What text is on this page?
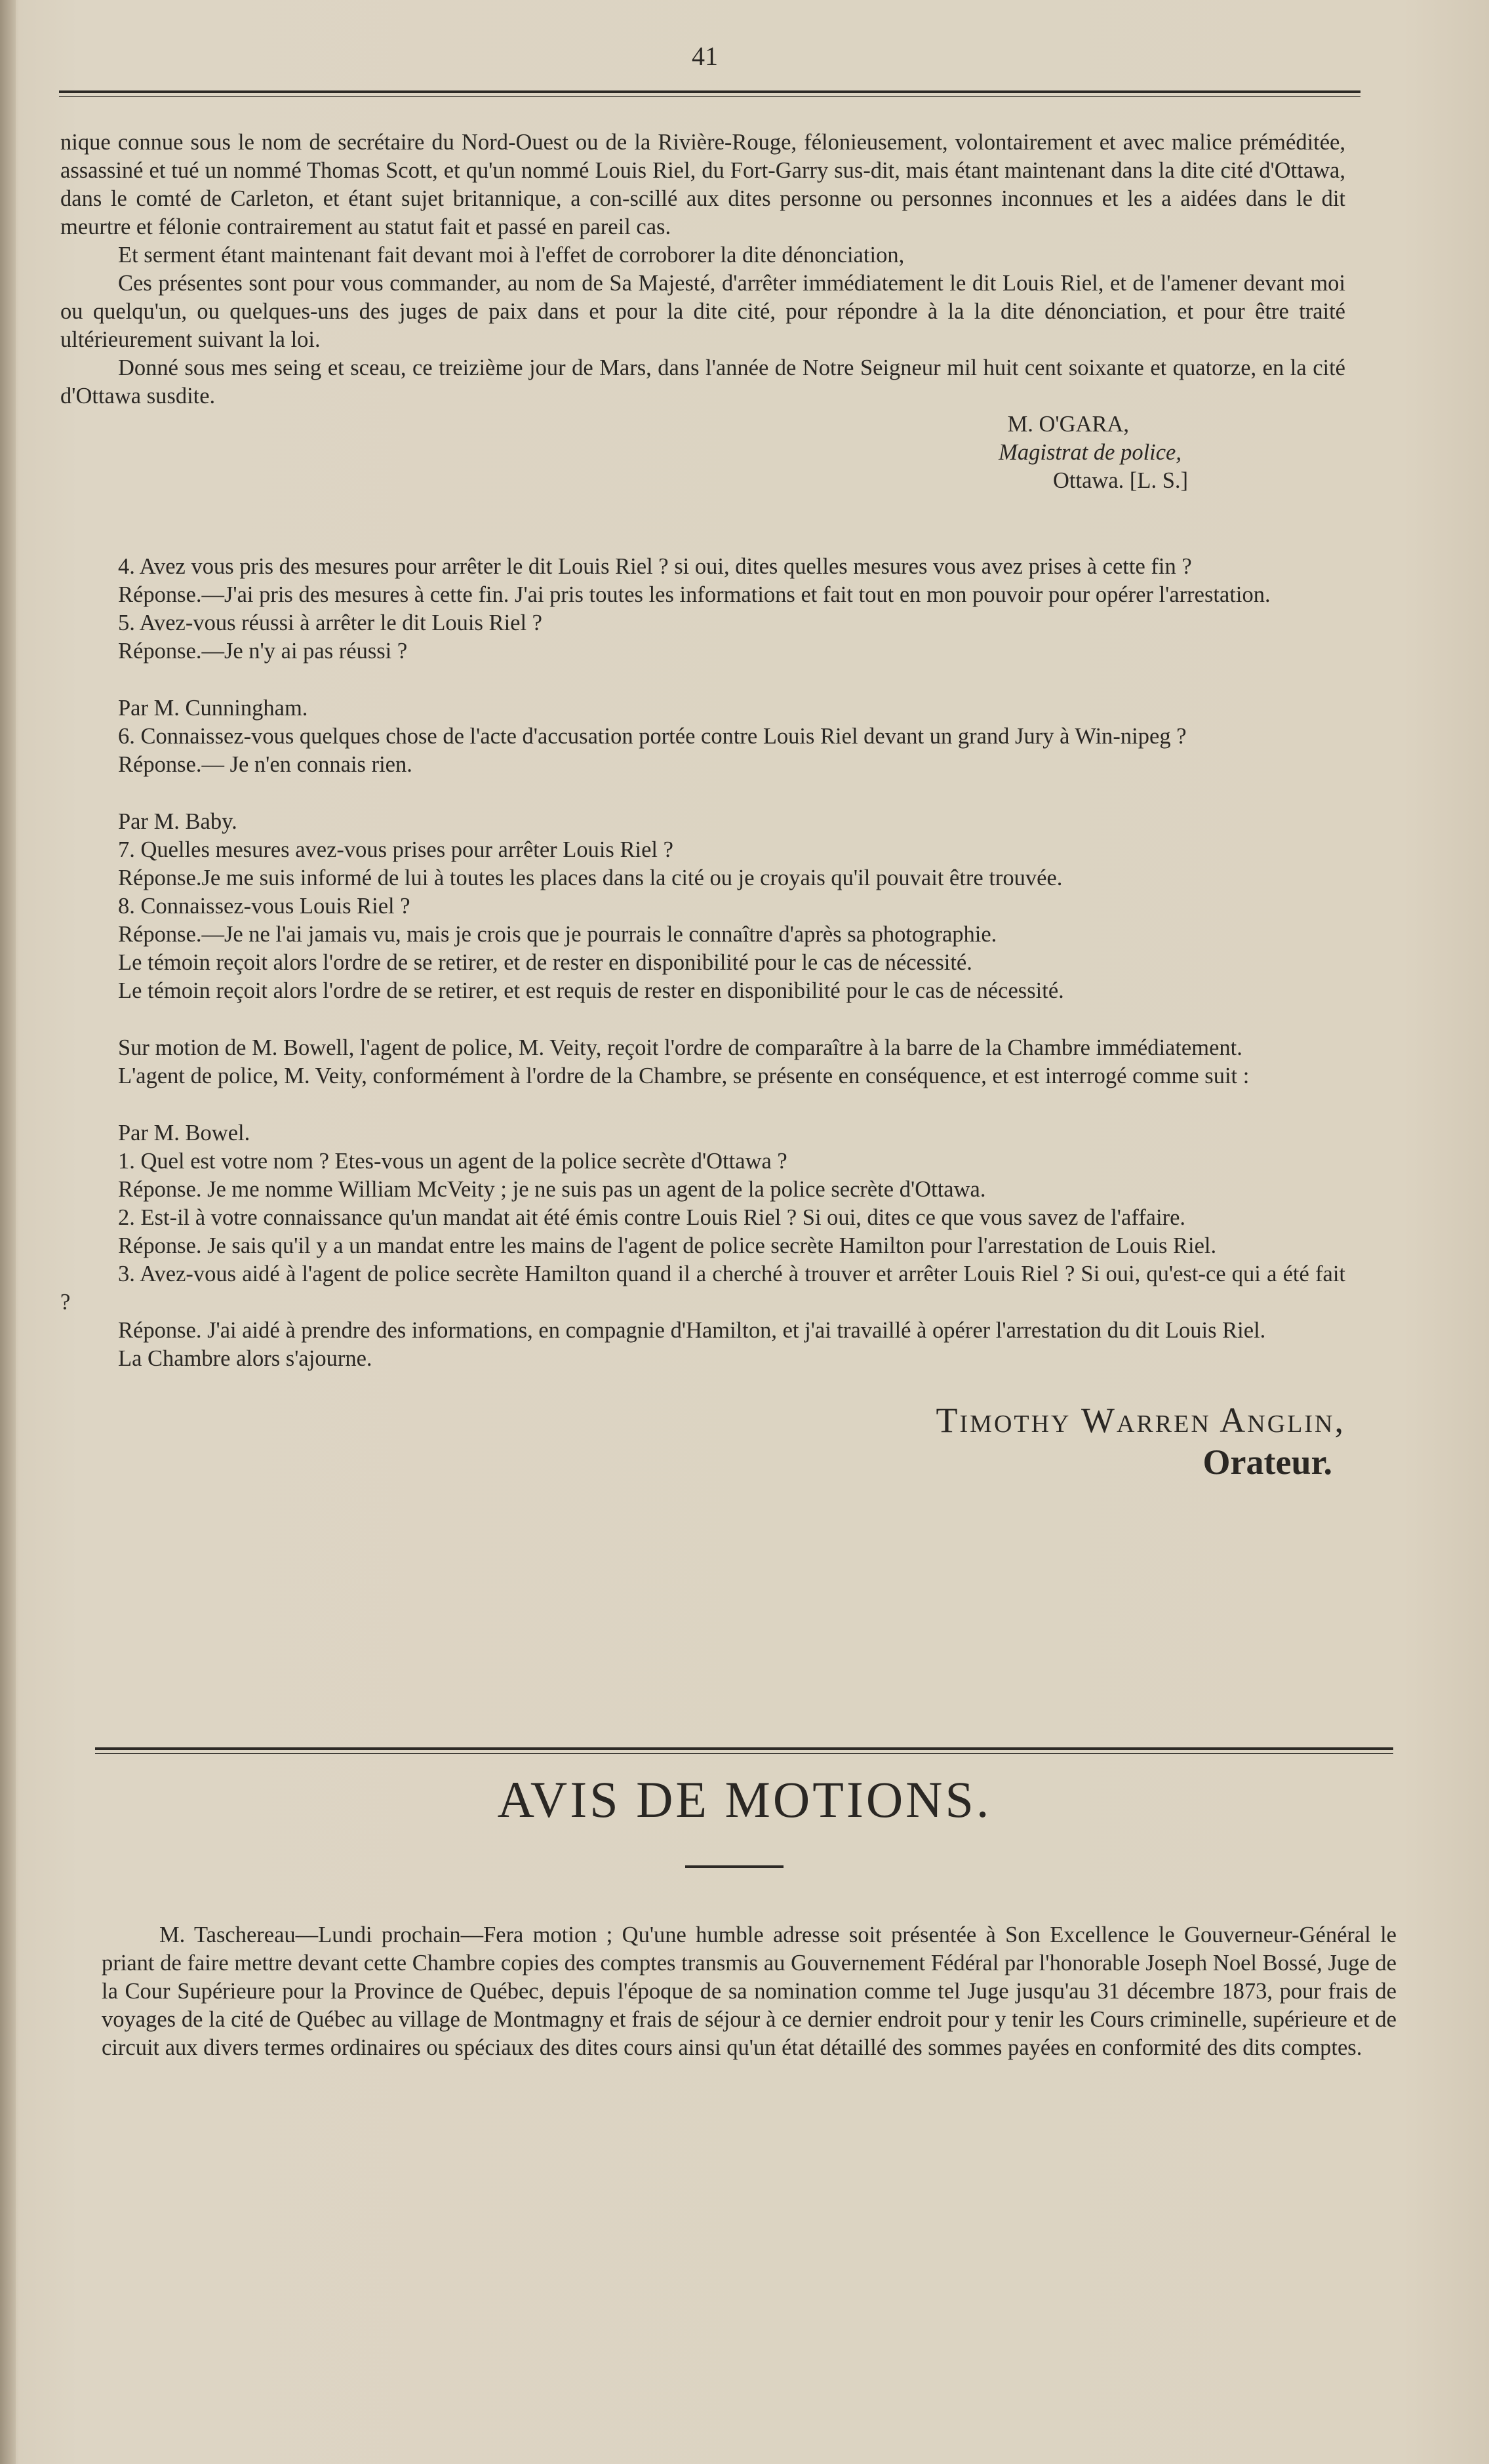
41

nique connue sous le nom de secrétaire du Nord-Ouest ou de la Rivière-Rouge, félonieusement, volontairement et avec malice préméditée, assassiné et tué un nommé Thomas Scott, et qu'un nommé Louis Riel, du Fort-Garry sus-dit, mais étant maintenant dans la dite cité d'Ottawa, dans le comté de Carleton, et étant sujet britannique, a con-scillé aux dites personne ou personnes inconnues et les a aidées dans le dit meurtre et félonie contrairement au statut fait et passé en pareil cas.

Et serment étant maintenant fait devant moi à l'effet de corroborer la dite dénonciation,

Ces présentes sont pour vous commander, au nom de Sa Majesté, d'arrêter immédiatement le dit Louis Riel, et de l'amener devant moi ou quelqu'un, ou quelques-uns des juges de paix dans et pour la dite cité, pour répondre à la la dite dénonciation, et pour être traité ultérieurement suivant la loi.

Donné sous mes seing et sceau, ce treizième jour de Mars, dans l'année de Notre Seigneur mil huit cent soixante et quatorze, en la cité d'Ottawa susdite.

M. O'GARA,
Magistrat de police,
Ottawa. [L. S.]

4. Avez vous pris des mesures pour arrêter le dit Louis Riel ? si oui, dites quelles mesures vous avez prises à cette fin ?

Réponse.—J'ai pris des mesures à cette fin. J'ai pris toutes les informations et fait tout en mon pouvoir pour opérer l'arrestation.

5. Avez-vous réussi à arrêter le dit Louis Riel ?

Réponse.—Je n'y ai pas réussi ?

Par M. Cunningham.

6. Connaissez-vous quelques chose de l'acte d'accusation portée contre Louis Riel devant un grand Jury à Win-nipeg ?

Réponse.— Je n'en connais rien.

Par M. Baby.

7. Quelles mesures avez-vous prises pour arrêter Louis Riel ?

Réponse.Je me suis informé de lui à toutes les places dans la cité ou je croyais qu'il pouvait être trouvée.

8. Connaissez-vous Louis Riel ?

Réponse.—Je ne l'ai jamais vu, mais je crois que je pourrais le connaître d'après sa photographie.

Le témoin reçoit alors l'ordre de se retirer, et de rester en disponibilité pour le cas de nécessité.

Le témoin reçoit alors l'ordre de se retirer, et est requis de rester en disponibilité pour le cas de nécessité.

Sur motion de M. Bowell, l'agent de police, M. Veity, reçoit l'ordre de comparaître à la barre de la Chambre immédiatement.

L'agent de police, M. Veity, conformément à l'ordre de la Chambre, se présente en conséquence, et est interrogé comme suit :

Par M. Bowel.

1. Quel est votre nom ? Etes-vous un agent de la police secrète d'Ottawa ?

Réponse. Je me nomme William McVeity ; je ne suis pas un agent de la police secrète d'Ottawa.

2. Est-il à votre connaissance qu'un mandat ait été émis contre Louis Riel ? Si oui, dites ce que vous savez de l'affaire.

Réponse. Je sais qu'il y a un mandat entre les mains de l'agent de police secrète Hamilton pour l'arrestation de Louis Riel.

3. Avez-vous aidé à l'agent de police secrète Hamilton quand il a cherché à trouver et arrêter Louis Riel ? Si oui, qu'est-ce qui a été fait ?

Réponse. J'ai aidé à prendre des informations, en compagnie d'Hamilton, et j'ai travaillé à opérer l'arrestation du dit Louis Riel.

La Chambre alors s'ajourne.

Timothy Warren Anglin,
Orateur.
AVIS DE MOTIONS.

M. Taschereau—Lundi prochain—Fera motion ; Qu'une humble adresse soit présentée à Son Excellence le Gouverneur-Général le priant de faire mettre devant cette Chambre copies des comptes transmis au Gouvernement Fédéral par l'honorable Joseph Noel Bossé, Juge de la Cour Supérieure pour la Province de Québec, depuis l'époque de sa nomination comme tel Juge jusqu'au 31 décembre 1873, pour frais de voyages de la cité de Québec au village de Montmagny et frais de séjour à ce dernier endroit pour y tenir les Cours criminelle, supérieure et de circuit aux divers termes ordinaires ou spéciaux des dites cours ainsi qu'un état détaillé des sommes payées en conformité des dits comptes.
